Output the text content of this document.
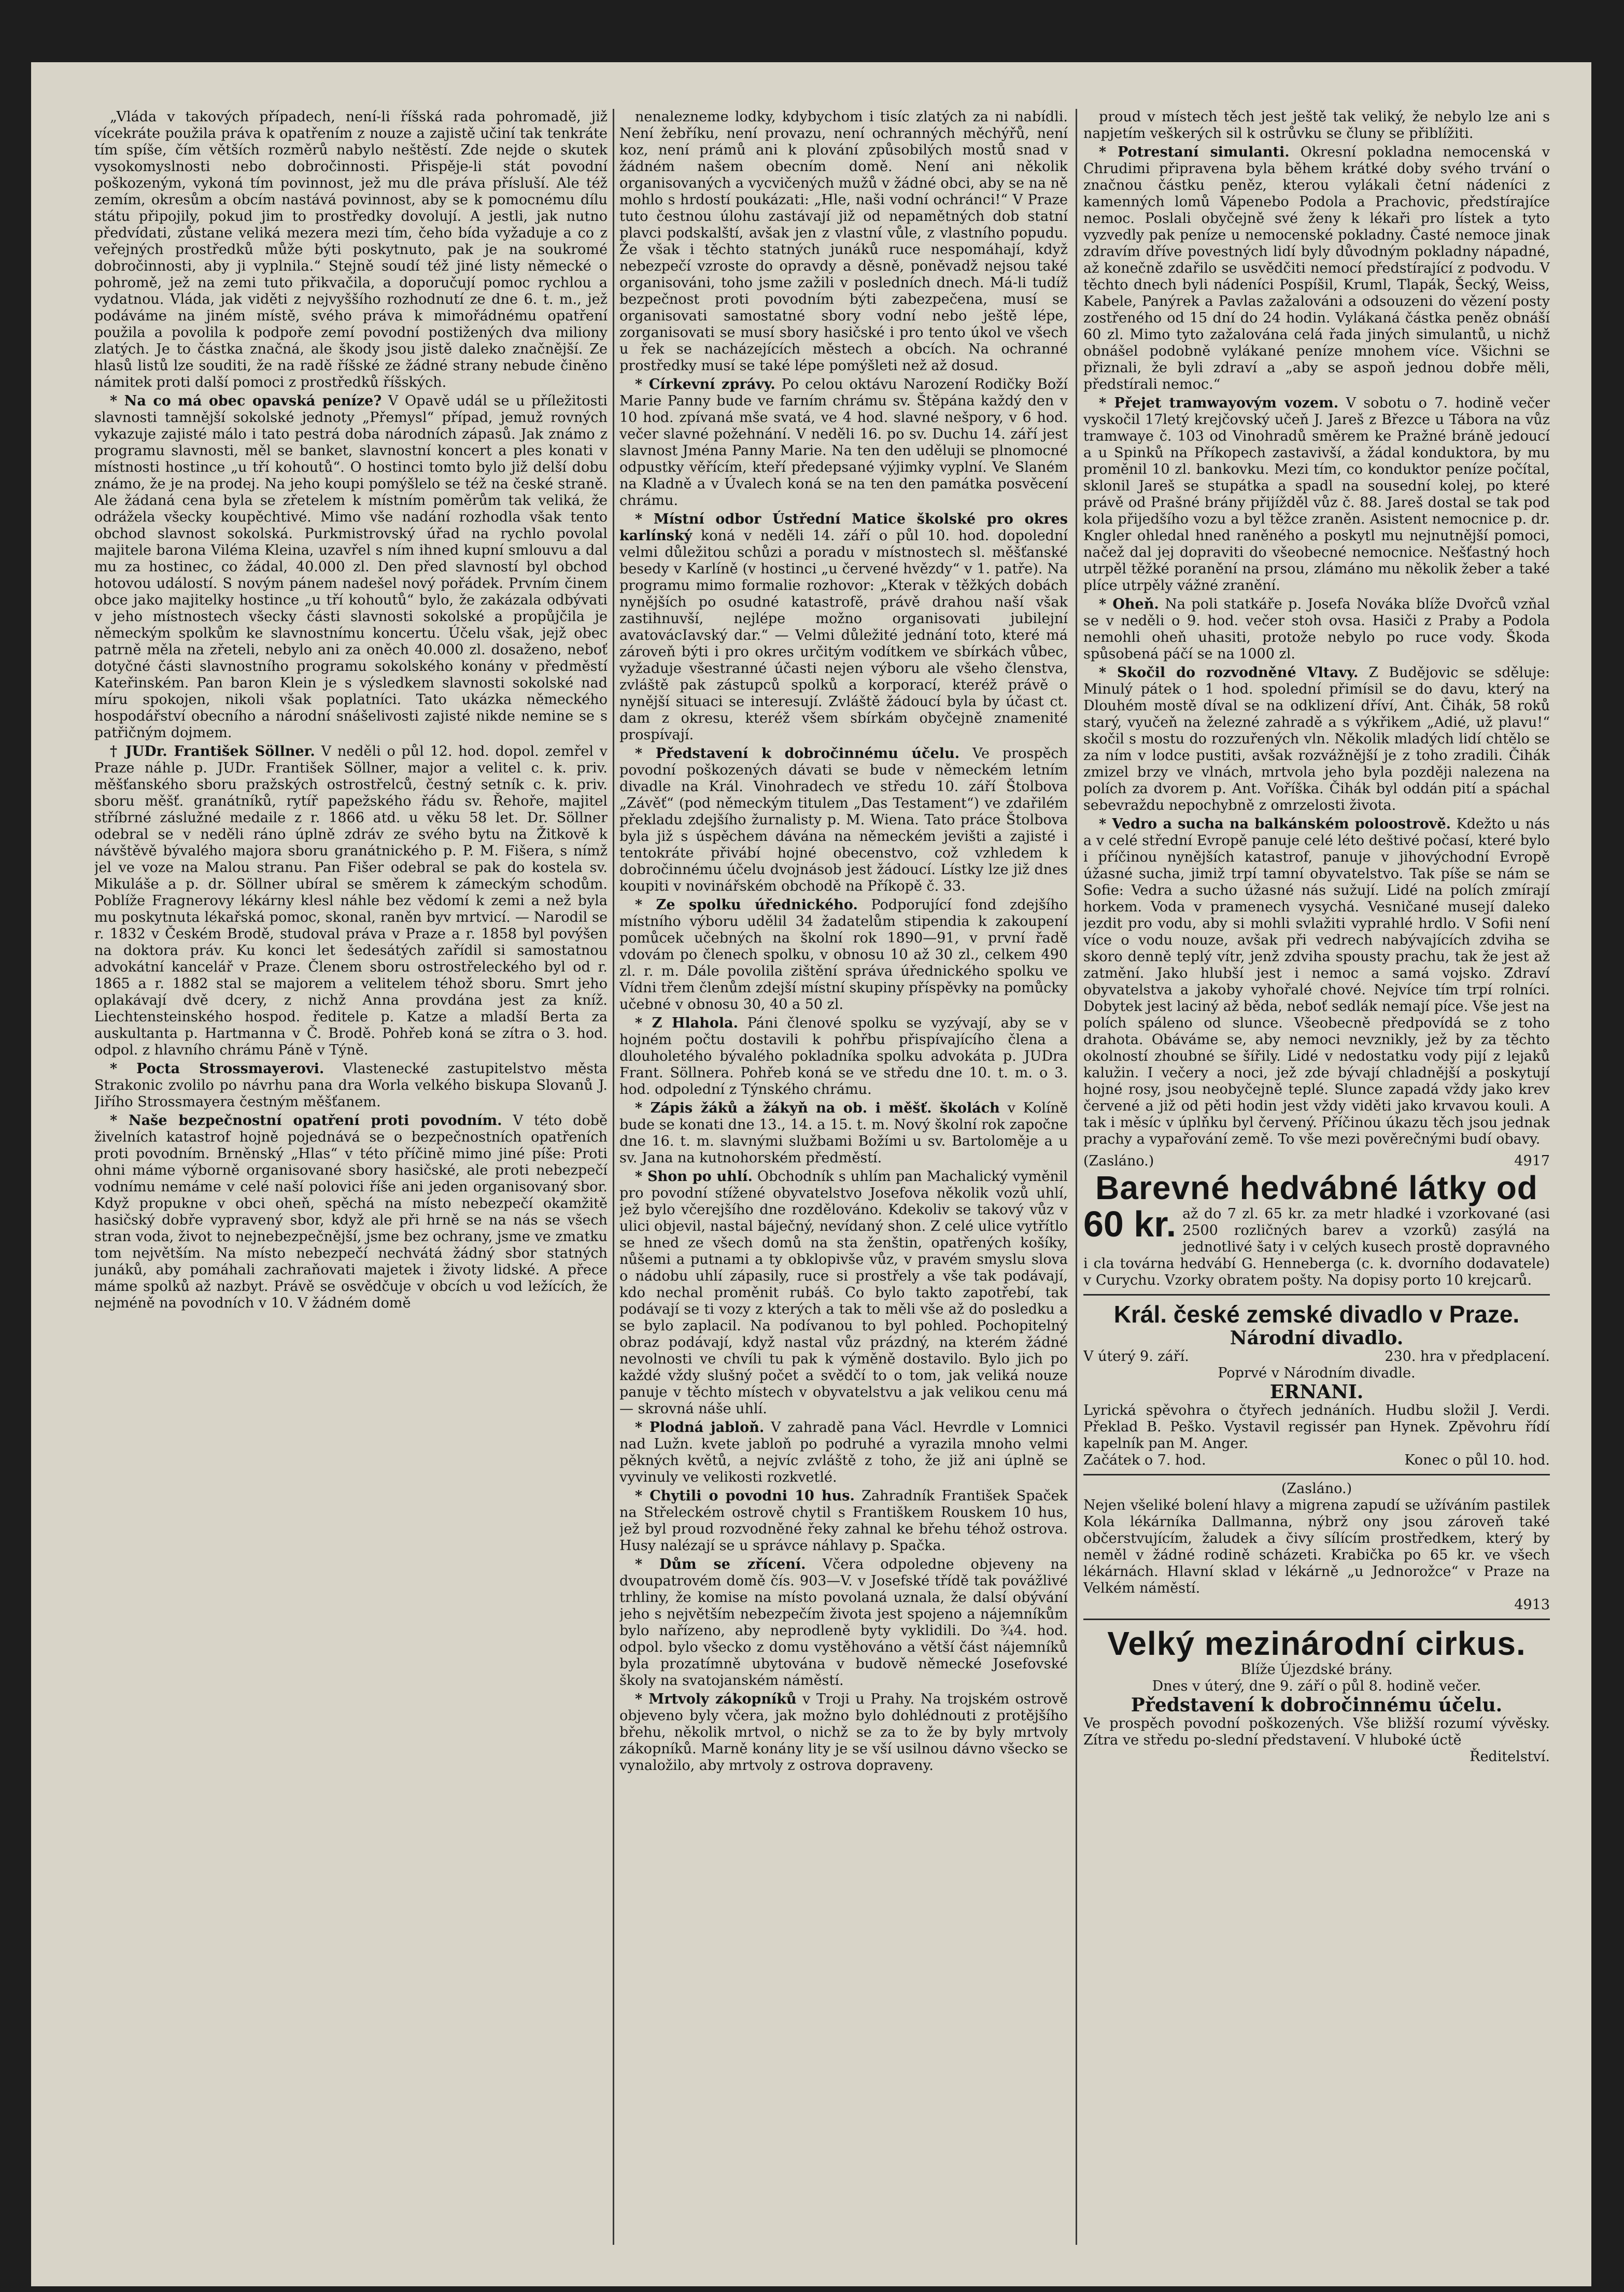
„Vláda v takových případech, není-li říšská rada pohromadě, již vícekráte použila práva k opatřením z nouze a zajistě učiní tak tenkráte tím spíše, čím větších rozměrů nabylo neštěstí. Zde nejde o skutek vysokomyslnosti nebo dobročinnosti. Přispěje-li stát povodní poškozeným, vykoná tím povinnost, jež mu dle práva přísluší. Ale též zemím, okresům a obcím nastává povinnost, aby se k pomocnému dílu státu připojily, pokud jim to prostředky dovolují. A jestli, jak nutno předvídati, zůstane veliká mezera mezi tím, čeho bída vyžaduje a co z veřejných prostředků může býti poskytnuto, pak je na soukromé dobročinnosti, aby ji vyplnila.“ Stejně soudí též jiné listy německé o pohromě, jež na zemi tuto přikvačila, a doporučují pomoc rychlou a vydatnou. Vláda, jak viděti z nejvyššího rozhodnutí ze dne 6. t. m., jež podáváme na jiném místě, svého práva k mimořádnému opatření použila a povolila k podpoře zemí povodní postižených dva miliony zlatých. Je to částka značná, ale škody jsou jistě daleko značnější. Ze hlasů listů lze souditi, že na radě říšské ze žádné strany nebude činěno námitek proti další pomoci z prostředků říšských.

* Na co má obec opavská peníze? V Opavě udál se u příležitosti slavnosti tamnější sokolské jednoty „Přemysl“ případ, jemuž rovných vykazuje zajisté málo i tato pestrá doba národních zápasů. Jak známo z programu slavnosti, měl se banket, slavnostní koncert a ples konati v místnosti hostince „u tří kohoutů“. O hostinci tomto bylo již delší dobu známo, že je na prodej. Na jeho koupi pomýšlelo se též na české straně. Ale žádaná cena byla se zřetelem k místním poměrům tak veliká, že odrážela všecky koupěchtivé. Mimo vše nadání rozhodla však tento obchod slavnost sokolská. Purkmistrovský úřad na rychlo povolal majitele barona Viléma Kleina, uzavřel s ním ihned kupní smlouvu a dal mu za hostinec, co žádal, 40.000 zl. Den před slavností byl obchod hotovou událostí. S novým pánem nadešel nový pořádek. Prvním činem obce jako majitelky hostince „u tří kohoutů“ bylo, že zakázala odbývati v jeho místnostech všecky části slavnosti sokolské a propůjčila je německým spolkům ke slavnostnímu koncertu. Účelu však, jejž obec patrně měla na zřeteli, nebylo ani za oněch 40.000 zl. dosaženo, neboť dotyčné části slavnostního programu sokolského konány v předměstí Kateřinském. Pan baron Klein je s výsledkem slavnosti sokolské nad míru spokojen, nikoli však poplatníci. Tato ukázka německého hospodářství obecního a národní snášelivosti zajisté nikde nemine se s patřičným dojmem.

† JUDr. František Söllner. V neděli o půl 12. hod. dopol. zemřel v Praze náhle p. JUDr. František Söllner, major a velitel c. k. priv. měšťanského sboru pražských ostrostřelců, čestný setník c. k. priv. sboru měšť. granátníků, rytíř papežského řádu sv. Řehoře, majitel stříbrné záslužné medaile z r. 1866 atd. u věku 58 let. Dr. Söllner odebral se v neděli ráno úplně zdráv ze svého bytu na Žitkově k návštěvě bývalého majora sboru granátnického p. P. M. Fišera, s nímž jel ve voze na Malou stranu. Pan Fišer odebral se pak do kostela sv. Mikuláše a p. dr. Söllner ubíral se směrem k zámeckým schodům. Poblíže Fragnerovy lékárny klesl náhle bez vědomí k zemi a než byla mu poskytnuta lékařská pomoc, skonal, raněn byv mrtvicí. — Narodil se r. 1832 v Českém Brodě, studoval práva v Praze a r. 1858 byl povýšen na doktora práv. Ku konci let šedesátých zařídil si samostatnou advokátní kancelář v Praze. Členem sboru ostrostřeleckého byl od r. 1865 a r. 1882 stal se majorem a velitelem téhož sboru. Smrt jeho oplakávají dvě dcery, z nichž Anna provdána jest za kníž. Liechtensteinského hospod. ředitele p. Katze a mladší Berta za auskultanta p. Hartmanna v Č. Brodě. Pohřeb koná se zítra o 3. hod. odpol. z hlavního chrámu Páně v Týně.

* Pocta Strossmayerovi. Vlastenecké zastupitelstvo města Strakonic zvolilo po návrhu pana dra Worla velkého biskupa Slovanů J. Jiřího Strossmayera čestným měšťanem.

* Naše bezpečnostní opatření proti povodním. V této době živelních katastrof hojně pojednává se o bezpečnostních opatřeních proti povodním. Brněnský „Hlas“ v této příčině mimo jiné píše: Proti ohni máme výborně organisované sbory hasičské, ale proti nebezpečí vodnímu nemáme v celé naší polovici říše ani jeden organisovaný sbor. Když propukne v obci oheň, spěchá na místo nebezpečí okamžitě hasičský dobře vypravený sbor, když ale při hrně se na nás se všech stran voda, život to nejnebezpečnější, jsme bez ochrany, jsme ve zmatku tom největším. Na místo nebezpečí nechvátá žádný sbor statných junáků, aby pomáhali zachraňovati majetek i životy lidské. A přece máme spolků až nazbyt. Právě se osvědčuje v obcích u vod ležících, že nejméně na povodních v 10. V žádném domě

nenalezneme lodky, kdybychom i tisíc zlatých za ni nabídli. Není žebříku, není provazu, není ochranných měchýřů, není koz, není prámů ani k plování způsobilých mostů snad v žádném našem obecním domě. Není ani několik organisovaných a vycvičených mužů v žádné obci, aby se na ně mohlo s hrdostí poukázati: „Hle, naši vodní ochránci!“ V Praze tuto čestnou úlohu zastávají již od nepamětných dob statní plavci podskalští, avšak jen z vlastní vůle, z vlastního popudu. Že však i těchto statných junáků ruce nespomáhají, když nebezpečí vzroste do opravdy a děsně, poněvadž nejsou také organisováni, toho jsme zažili v posledních dnech. Má-li tudíž bezpečnost proti povodním býti zabezpečena, musí se organisovati samostatné sbory vodní nebo ještě lépe, zorganisovati se musí sbory hasičské i pro tento úkol ve všech u řek se nacházejících městech a obcích. Na ochranné prostředky musí se také lépe pomýšleti než až dosud.

* Církevní zprávy. Po celou oktávu Narození Rodičky Boží Marie Panny bude ve farním chrámu sv. Štěpána každý den v 10 hod. zpívaná mše svatá, ve 4 hod. slavné nešpory, v 6 hod. večer slavné požehnání. V neděli 16. po sv. Duchu 14. září jest slavnost Jména Panny Marie. Na ten den uděluji se plnomocné odpustky věřícím, kteří předepsané výjimky vyplní. Ve Slaném na Kladně a v Úvalech koná se na ten den památka posvěcení chrámu.

* Místní odbor Ústřední Matice školské pro okres karlínský koná v neděli 14. září o půl 10. hod. dopolední velmi důležitou schůzi a poradu v místnostech sl. měšťanské besedy v Karlíně (v hostinci „u červené hvězdy“ v 1. patře). Na programu mimo formalie rozhovor: „Kterak v těžkých dobách nynějších po osudné katastrofě, právě drahou naší však zastihnuvší, nejlépe možno organisovati jubilejní avatovácIavský dar.“ — Velmi důležité jednání toto, které má zároveň býti i pro okres určitým vodítkem ve sbírkách vůbec, vyžaduje všestranné účasti nejen výboru ale všeho členstva, zvláště pak zástupců spolků a korporací, kteréž právě o nynější situaci se interesují. Zvláště žádoucí byla by účast ct. dam z okresu, kteréž všem sbírkám obyčejně znamenité prospívají.

* Představení k dobročinnému účelu. Ve prospěch povodní poškozených dávati se bude v německém letním divadle na Král. Vinohradech ve středu 10. září Štolbova „Závěť“ (pod německým titulem „Das Testament“) ve zdařilém překladu zdejšího žurnalisty p. M. Wiena. Tato práce Štolbova byla již s úspěchem dávána na německém jevišti a zajisté i tentokráte přivábí hojné obecenstvo, což vzhledem k dobročinnému účelu dvojnásob jest žádoucí. Lístky lze již dnes koupiti v novinářském obchodě na Příkopě č. 33.

* Ze spolku úřednického. Podporující fond zdejšího místního výboru udělil 34 žadatelům stipendia k zakoupení pomůcek učebných na školní rok 1890—91, v první řadě vdovám po členech spolku, v obnosu 10 až 30 zl., celkem 490 zl. r. m. Dále povolila zištění správa úřednického spolku ve Vídni třem členům zdejší místní skupiny příspěvky na pomůcky učebné v obnosu 30, 40 a 50 zl.

* Z Hlahola. Páni členové spolku se vyzývají, aby se v hojném počtu dostavili k pohřbu přispívajícího člena a dlouholetého bývalého pokladníka spolku advokáta p. JUDra Frant. Söllnera. Pohřeb koná se ve středu dne 10. t. m. o 3. hod. odpolední z Týnského chrámu.

* Zápis žáků a žákyň na ob. i měšť. školách v Kolíně bude se konati dne 13., 14. a 15. t. m. Nový školní rok započne dne 16. t. m. slavnými službami Božími u sv. Bartoloměje a u sv. Jana na kutnohorském předměstí.

* Shon po uhlí. Obchodník s uhlím pan Machalický vyměnil pro povodní stížené obyvatelstvo Josefova několik vozů uhlí, jež bylo včerejšího dne rozdělováno. Kdekoliv se takový vůz v ulici objevil, nastal báječný, nevídaný shon. Z celé ulice vytřítlo se hned ze všech domů na sta ženštin, opatřených košíky, nůšemi a putnami a ty obklopivše vůz, v pravém smyslu slova o nádobu uhlí zápasily, ruce si prostřely a vše tak podávají, kdo nechal proměnit rubáš. Co bylo takto zapotřebí, tak podávají se ti vozy z kterých a tak to měli vše až do posledku a se bylo zaplacil. Na podívanou to byl pohled. Pochopitelný obraz podávají, když nastal vůz prázdný, na kterém žádné nevolnosti ve chvíli tu pak k výměně dostavilo. Bylo jich po každé vždy slušný počet a svědčí to o tom, jak veliká nouze panuje v těchto místech v obyvatelstvu a jak velikou cenu má — skrovná náše uhlí.

* Plodná jabloň. V zahradě pana Václ. Hevrdle v Lomnici nad Lužn. kvete jabloň po podruhé a vyrazila mnoho velmi pěkných květů, a nejvíc zvláště z toho, že již ani úplně se vyvinuly ve velikosti rozkvetlé.

* Chytili o povodni 10 hus. Zahradník František Spaček na Střeleckém ostrově chytil s Františkem Rouskem 10 hus, jež byl proud rozvodněné řeky zahnal ke břehu téhož ostrova. Husy nalézají se u správce náhlavy p. Spačka.

* Dům se zřícení. Včera odpoledne objeveny na dvoupatrovém domě čís. 903—V. v Josefské třídě tak povážlivé trhliny, že komise na místo povolaná uznala, že dalsí obývání jeho s největším nebezpečím života jest spojeno a nájemníkům bylo nařízeno, aby neprodleně byty vyklidili. Do ¾4. hod. odpol. bylo všecko z domu vystěhováno a větší část nájemníků byla prozatímně ubytována v budově německé Josefovské školy na svatojanském náměstí.

* Mrtvoly zákopníků v Troji u Prahy. Na trojském ostrově objeveno byly včera, jak možno bylo dohlédnouti z protějšího břehu, několik mrtvol, o nichž se za to že by byly mrtvoly zákopníků. Marně konány lity je se vší usilnou dávno všecko se vynaložilo, aby mrtvoly z ostrova dopraveny.

proud v místech těch jest ještě tak veliký, že nebylo lze ani s napjetím veškerých sil k ostrůvku se čluny se přiblížiti.

* Potrestaní simulanti. Okresní pokladna nemocenská v Chrudimi připravena byla během krátké doby svého trvání o značnou částku peněz, kterou vylákali četní nádeníci z kamenných lomů Vápenebo Podola a Prachovic, předstírajíce nemoc. Poslali obyčejně své ženy k lékaři pro lístek a tyto vyzvedly pak peníze u nemocenské pokladny. Časté nemoce jinak zdravím dříve povestných lidí byly důvodným pokladny nápadné, až konečně zdařilo se usvědčiti nemocí předstírající z podvodu. V těchto dnech byli nádeníci Pospíšil, Kruml, Tlapák, Šecký, Weiss, Kabele, Panýrek a Pavlas zažalováni a odsouzeni do vězení posty zostřeného od 15 dní do 24 hodin. Vylákaná částka peněz obnáší 60 zl. Mimo tyto zažalována celá řada jiných simulantů, u nichž obnášel podobně vylákané peníze mnohem více. Všichni se přiznali, že byli zdraví a „aby se aspoň jednou dobře měli, předstírali nemoc.“

* Přejet tramwayovým vozem. V sobotu o 7. hodině večer vyskočil 17letý krejčovský učeň J. Jareš z Březce u Tábora na vůz tramwaye č. 103 od Vinohradů směrem ke Pražné bráně jedoucí a u Spinků na Příkopech zastavivší, a žádal konduktora, by mu proměnil 10 zl. bankovku. Mezi tím, co konduktor peníze počítal, sklonil Jareš se stupátka a spadl na sousední kolej, po které právě od Prašné brány přijížděl vůz č. 88. Jareš dostal se tak pod kola přijedšího vozu a byl těžce zraněn. Asistent nemocnice p. dr. Kngler ohledal hned raněného a poskytl mu nejnutnější pomoci, načež dal jej dopraviti do všeobecné nemocnice. Nešťastný hoch utrpěl těžké poranění na prsou, zlámáno mu několik žeber a také plíce utrpěly vážné zranění.

* Oheň. Na poli statkáře p. Josefa Nováka blíže Dvořců vzňal se v neděli o 9. hod. večer stoh ovsa. Hasiči z Praby a Podola nemohli oheň uhasiti, protože nebylo po ruce vody. Škoda spůsobená páčí se na 1000 zl.

* Skočil do rozvodněné Vltavy. Z Budějovic se sděluje: Minulý pátek o 1 hod. spolední přimísil se do davu, který na Dlouhém mostě díval se na odklizení dříví, Ant. Čihák, 58 roků starý, vyučeň na železné zahradě a s výkřikem „Adié, už plavu!“ skočil s mostu do rozzuřených vln. Několik mladých lidí chtělo se za ním v lodce pustiti, avšak rozvážnější je z toho zradili. Čihák zmizel brzy ve vlnách, mrtvola jeho byla později nalezena na polích za dvorem p. Ant. Voříška. Čihák byl oddán pití a spáchal sebevraždu nepochybně z omrzelosti života.

* Vedro a sucha na balkánském poloostrově. Kdežto u nás a v celé střední Evropě panuje celé léto deštivé počasí, které bylo i příčinou nynějších katastrof, panuje v jihovýchodní Evropě úžasné sucha, jimiž trpí tamní obyvatelstvo. Tak píše se nám se Sofie: Vedra a sucho úžasné nás sužují. Lidé na polích zmírají horkem. Voda v pramenech vysychá. Vesničané musejí daleko jezdit pro vodu, aby si mohli svlažiti vyprahlé hrdlo. V Sofii není více o vodu nouze, avšak při vedrech nabývajících zdviha se skoro denně teplý vítr, jenž zdviha spousty prachu, tak že jest až zatmění. Jako hlubší jest i nemoc a samá vojsko. Zdraví obyvatelstva a jakoby vyhořalé chové. Nejvíce tím trpí rolníci. Dobytek jest laciný až běda, neboť sedlák nemají píce. Vše jest na polích spáleno od slunce. Všeobecně předpovídá se z toho drahota. Obáváme se, aby nemoci nevznikly, jež by za těchto okolností zhoubné se šířily. Lidé v nedostatku vody pijí z lejaků kalužin. I večery a noci, jež zde bývají chladnější a poskytují hojné rosy, jsou neobyčejně teplé. Slunce zapadá vždy jako krev červené a již od pěti hodin jest vždy viděti jako krvavou kouli. A tak i měsíc v úplňku byl červený. Příčinou úkazu těch jsou jednak prachy a vypařování země. To vše mezi pověrečnými budí obavy.

(Zasláno.)	4917
Barevné hedvábné látky od
60 kr. až do 7 zl. 65 kr. za metr hladké i vzorkované (asi 2500 rozličných barev a vzorků) zasýlá na jednotlivé šaty i v celých kusech prostě dopravného i cla továrna hedvábí G. Henneberga (c. k. dvorního dodavatele) v Curychu. Vzorky obratem pošty. Na dopisy porto 10 krejcarů.
Král. české zemské divadlo v Praze.
Národní divadlo.
V úterý 9. září.	230. hra v předplacení.
Poprvé v Národním divadle.
ERNANI.
Lyrická spěvohra o čtyřech jednáních. Hudbu složil J. Verdi. Překlad B. Peško. Vystavil regissér pan Hynek. Zpěvohru řídí kapelník pan M. Anger.
Začátek o 7. hod.	Konec o půl 10. hod.
(Zasláno.)
Nejen všeliké bolení hlavy a migrena zapudí se užíváním pastilek Kola lékárníka Dallmanna, nýbrž ony jsou zároveň také občerstvujícím, žaludek a čivy sílícím prostředkem, který by neměl v žádné rodině scházeti. Krabička po 65 kr. ve všech lékárnách. Hlavní sklad v lékárně „u Jednorožce“ v Praze na Velkém náměstí.
4913
Velký mezinárodní cirkus.
Blíže Újezdské brány.
Dnes v úterý, dne 9. září o půl 8. hodině večer.
Představení k dobročinnému účelu.
Ve prospěch povodní poškozených. Vše bližší rozumí vývěsky. Zítra ve středu po-slední představení. V hluboké úctě
Ředitelství.
